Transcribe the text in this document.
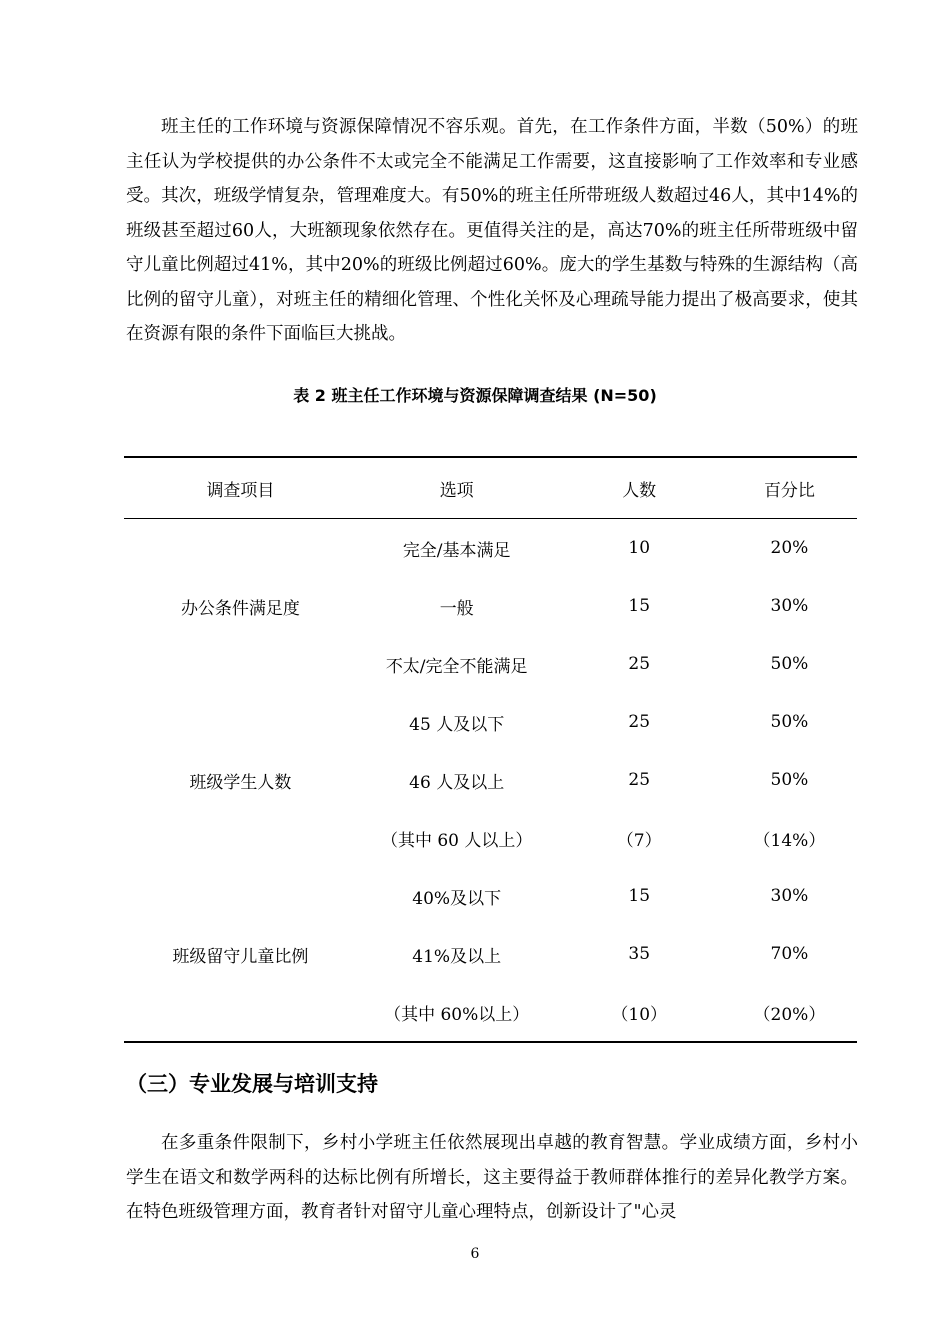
班主任的工作环境与资源保障情况不容乐观。首先，在工作条件方面，半数（50%）的班主任认为学校提供的办公条件不太或完全不能满足工作需要，这直接影响了工作效率和专业感受。其次，班级学情复杂，管理难度大。有50%的班主任所带班级人数超过46人，其中14%的班级甚至超过60人，大班额现象依然存在。更值得关注的是，高达70%的班主任所带班级中留守儿童比例超过41%，其中20%的班级比例超过60%。庞大的学生基数与特殊的生源结构（高比例的留守儿童），对班主任的精细化管理、个性化关怀及心理疏导能力提出了极高要求，使其在资源有限的条件下面临巨大挑战。

表 2 班主任工作环境与资源保障调查结果 (N=50)
调查项目	选项	人数	百分比
办公条件满足度	完全/基本满足	10	20%
	一般	15	30%
	不太/完全不能满足	25	50%
班级学生人数	45 人及以下	25	50%
	46 人及以上	25	50%
	（其中 60 人以上）	（7）	（14%）
班级留守儿童比例	40%及以下	15	30%
	41%及以上	35	70%
	（其中 60%以上）	（10）	（20%）
（三）专业发展与培训支持

在多重条件限制下，乡村小学班主任依然展现出卓越的教育智慧。学业成绩方面，乡村小学生在语文和数学两科的达标比例有所增长，这主要得益于教师群体推行的差异化教学方案。在特色班级管理方面，教育者针对留守儿童心理特点，创新设计了"心灵

6
